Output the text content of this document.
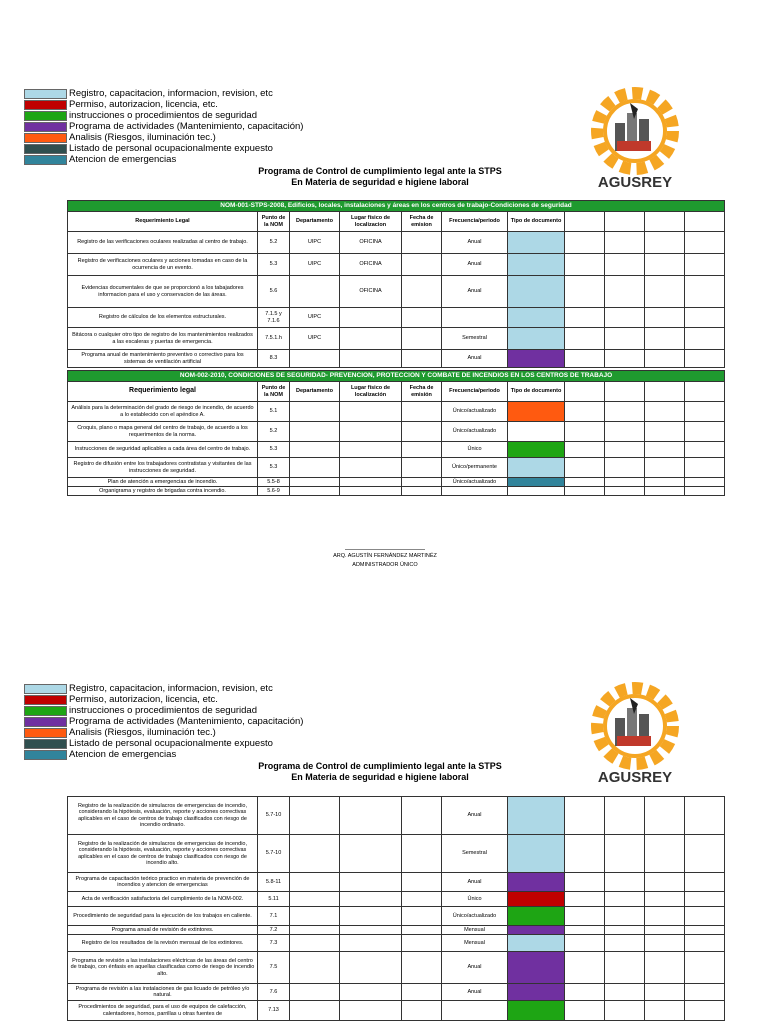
Registro, capacitacion, informacion, revision, etc
Permiso, autorizacion, licencia, etc.
instrucciones o procedimientos de seguridad
Programa de actividades (Mantenimiento, capacitación)
Analisis (Riesgos, iluminación tec.)
Listado de personal ocupacionalmente expuesto
Atencion de emergencias
AGUSREY
Programa de Control de cumplimiento legal ante la STPS
En Materia de seguridad e higiene laboral
NOM-001-STPS-2008, Edificios, locales, instalaciones y áreas en los centros de trabajo-Condiciones de seguridad										
Requerimiento Legal	Punto de la NOM	Departamento	Lugar físico de localizacion	Fecha de emision	Frecuencia/periodo	Tipo de documento				
Registro de las verificaciones oculares realizadas al centro de trabajo.	5.2	UIPC	OFICINA		Anual					
Registro de verificaciones oculares y acciones tomadas en caso de la ocurrencia de un evento.	5.3	UIPC	OFICINA		Anual					
Evidencias documentales de que se proporcionó a los tabajadores informacion para el uso y conservacion de las áreas.	5.6		OFICINA		Anual					
Registro de cálculos de los elementos estructurales.	7.1.5 y 7.1.6	UIPC								
Bitácora o cualquier otro tipo de registro de los mantenimientos realizados a las escaleras y puertas de emergencia.	7.5.1.h	UIPC			Semestral					
Programa anual de mantenimiento preventivo o correctivo para los sistemas de ventilación artificial	8.3				Anual					
NOM-002-2010, CONDICIONES DE SEGURIDAD- PREVENCION, PROTECCION Y COMBATE DE INCENDIOS EN LOS CENTROS DE TRABAJO										
Requerimiento legal	Punto de la NOM	Departamento	Lugar físico de localización	Fecha de emisión	Frecuencia/periodo	Tipo de documento				
Análisis para la determinación del grado de riesgo de incendio, de acuerdo a lo establecido con el apéndice A.	5.1				Único/actualizado					
Croquis, plano o mapa general del centro de trabajo, de acuerdo a los requerimentos de la norma.	5.2				Único/actualizado					
Instrucciones de seguridad aplicables a cada área del centro de trabajo.	5.3				Único					
Registro de difusión entre los trabajadores contratistas y visitantes de las instrucciones de seguridad.	5.3				Único/permanente					
Plan de atención a emergencias de incendio.	5.5-8				Único/actualizado					
Organigrama y registro de brigadas contra incendio.	5.6-9									
ARQ. AGUSTÍN FERNÁNDEZ MARTINÉZ
ADMINISTRADOR ÚNICO
Registro, capacitacion, informacion, revision, etc
Permiso, autorizacion, licencia, etc.
instrucciones o procedimientos de seguridad
Programa de actividades (Mantenimiento, capacitación)
Analisis (Riesgos, iluminación tec.)
Listado de personal ocupacionalmente expuesto
Atencion de emergencias
AGUSREY
Programa de Control de cumplimiento legal ante la STPS
En Materia de seguridad e higiene laboral
Registro de la realización de simulacros de emergencias de incendio, considerando la hipótesis, evaluación, reporte y acciones correctivas aplicables en el caso de centros de trabajo clasificados con riesgo de incendio ordinario.	5.7-10				Anual					
Registro de la realización de simulacros de emergencias de incendio, considerando la hipótesis, evaluación, reporte y acciones correctivas aplicables en el caso de centros de trabajo clasificados con riesgo de incendio alto.	5.7-10				Semestral					
Programa de capacitación teórico practico en materia de prevención de incendios y atencion de emergencias	5.8-11				Anual					
Acta de verificación satisfactoria del cumplimiento de la NOM-002.	5.11				Único					
Procedimiento de seguridad para la ejecución de los trabajos en caliente.	7.1				Único/actualizado					
Programa anual de revisión de extintores.	7.2				Mensual					
Registro de los resultados de la revisón mensual de los extintores.	7.3				Mensual					
Programa de revisión a las instalaciones eléctricas de las áreas del centro de trabajo, con énfasis en aquellas clasificadas como de riesgo de incendio alto.	7.5				Anual					
Programa de revisión a las instalaciones de gas licuado de petróleo y/o natural.	7.6				Anual					
Procedimientos de seguridad, para el uso de equipos de calefacción, calentadores, hornos, parrillas u otras fuentes de	7.13									
